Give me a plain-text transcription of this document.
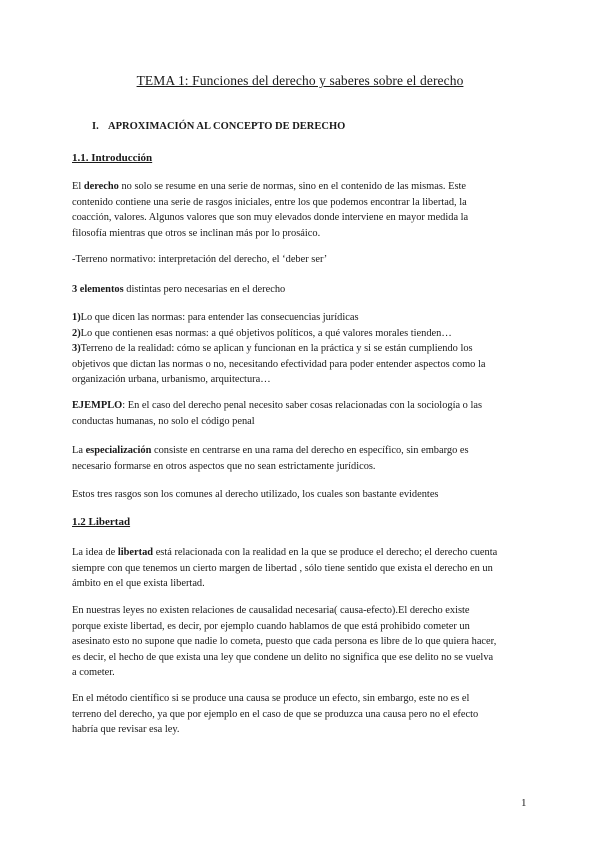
TEMA 1: Funciones del derecho y saberes sobre el derecho
I. APROXIMACIÓN AL CONCEPTO DE DERECHO
1.1. Introducción
El derecho no solo se resume en una serie de normas, sino en el contenido de las mismas. Este
contenido contiene una serie de rasgos iniciales, entre los que podemos encontrar la libertad, la
coacción, valores. Algunos valores que son muy elevados donde interviene en mayor medida la
filosofía mientras que otros se inclinan más por lo prosáico.
-Terreno normativo: interpretación del derecho, el ‘deber ser’
3 elementos distintas pero necesarias en el derecho
1)Lo que dicen las normas: para entender las consecuencias jurídicas
2)Lo que contienen esas normas: a qué objetivos políticos, a qué valores morales tienden…
3)Terreno de la realidad: cómo se aplican y funcionan en la práctica y si se están cumpliendo los
objetivos que dictan las normas o no, necesitando efectividad para poder entender aspectos como la
organización urbana, urbanismo, arquitectura…
EJEMPLO: En el caso del derecho penal necesito saber cosas relacionadas con la sociología o las
conductas humanas, no solo el código penal
La especialización consiste en centrarse en una rama del derecho en específico, sin embargo es
necesario formarse en otros aspectos que no sean estrictamente jurídicos.
Estos tres rasgos son los comunes al derecho utilizado, los cuales son bastante evidentes
1.2 Libertad
La idea de libertad está relacionada con la realidad en la que se produce el derecho; el derecho cuenta
siempre con que tenemos un cierto margen de libertad , sólo tiene sentido que exista el derecho en un
ámbito en el que exista libertad.
En nuestras leyes no existen relaciones de causalidad necesaria( causa-efecto).El derecho existe
porque existe libertad, es decir, por ejemplo cuando hablamos de que está prohibido cometer un
asesinato esto no supone que nadie lo cometa, puesto que cada persona es libre de lo que quiera hacer,
es decir, el hecho de que exista una ley que condene un delito no significa que ese delito no se vuelva
a cometer.
En el método científico si se produce una causa se produce un efecto, sin embargo, este no es el
terreno del derecho, ya que por ejemplo en el caso de que se produzca una causa pero no el efecto
habría que revisar esa ley.
1
